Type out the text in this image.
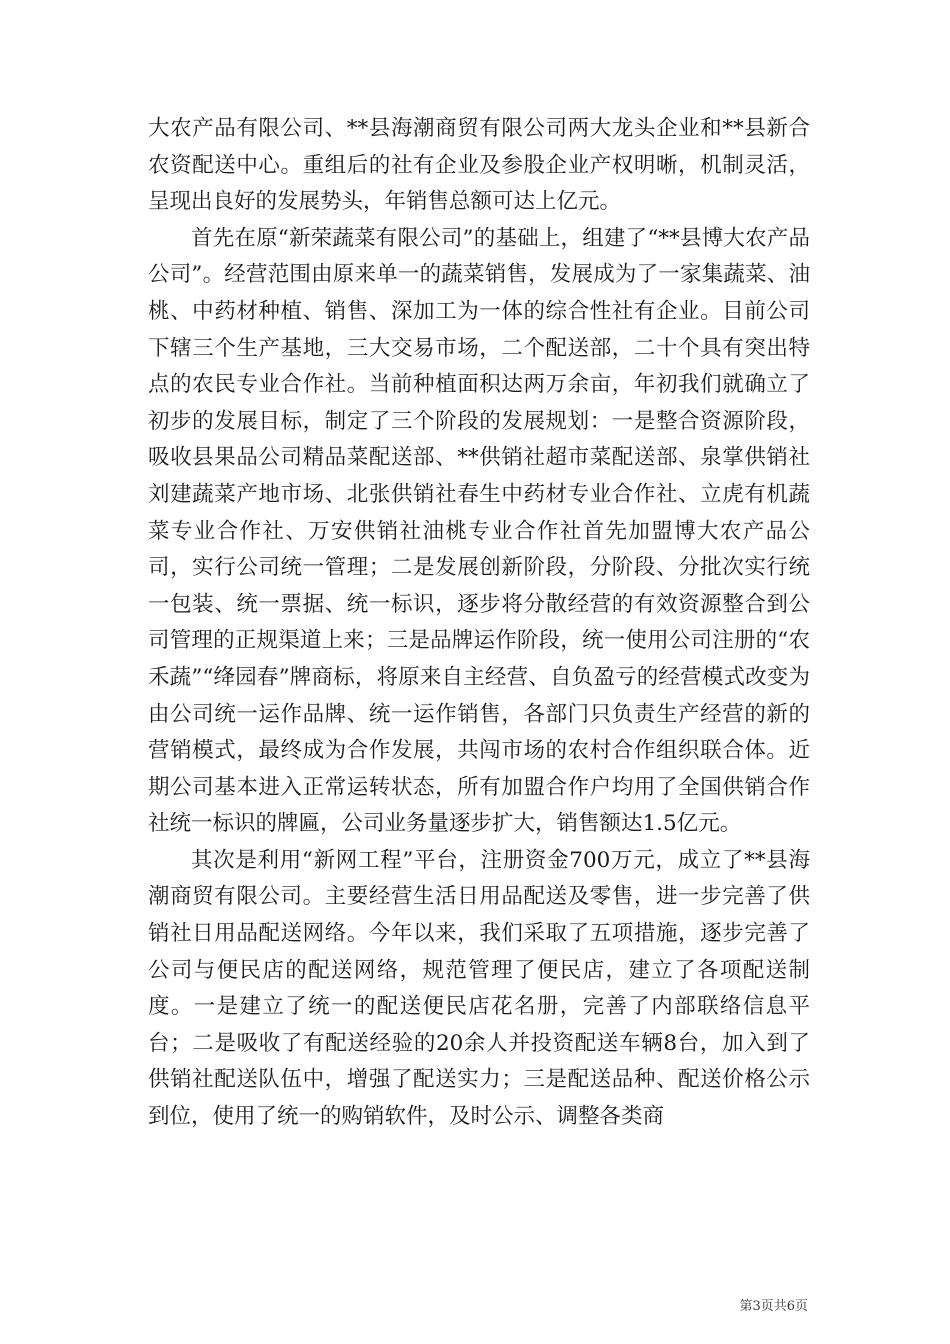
大农产品有限公司、**县海潮商贸有限公司两大龙头企业和**县新合农资配送中心。重组后的社有企业及参股企业产权明晰，机制灵活，呈现出良好的发展势头，年销售总额可达上亿元。

首先在原“新荣蔬菜有限公司”的基础上，组建了“**县博大农产品公司”。经营范围由原来单一的蔬菜销售，发展成为了一家集蔬菜、油桃、中药材种植、销售、深加工为一体的综合性社有企业。目前公司下辖三个生产基地，三大交易市场，二个配送部，二十个具有突出特点的农民专业合作社。当前种植面积达两万余亩，年初我们就确立了初步的发展目标，制定了三个阶段的发展规划：一是整合资源阶段，吸收县果品公司精品菜配送部、**供销社超市菜配送部、泉掌供销社刘建蔬菜产地市场、北张供销社春生中药材专业合作社、立虎有机蔬菜专业合作社、万安供销社油桃专业合作社首先加盟博大农产品公司，实行公司统一管理；二是发展创新阶段，分阶段、分批次实行统一包装、统一票据、统一标识，逐步将分散经营的有效资源整合到公司管理的正规渠道上来；三是品牌运作阶段，统一使用公司注册的“农禾蔬”“绛园春”牌商标，将原来自主经营、自负盈亏的经营模式改变为由公司统一运作品牌、统一运作销售，各部门只负责生产经营的新的营销模式，最终成为合作发展，共闯市场的农村合作组织联合体。近期公司基本进入正常运转状态，所有加盟合作户均用了全国供销合作社统一标识的牌匾，公司业务量逐步扩大，销售额达1.5亿元。

其次是利用“新网工程”平台，注册资金700万元，成立了**县海潮商贸有限公司。主要经营生活日用品配送及零售，进一步完善了供销社日用品配送网络。今年以来，我们采取了五项措施，逐步完善了公司与便民店的配送网络，规范管理了便民店，建立了各项配送制度。一是建立了统一的配送便民店花名册，完善了内部联络信息平台；二是吸收了有配送经验的20余人并投资配送车辆8台，加入到了供销社配送队伍中，增强了配送实力；三是配送品种、配送价格公示到位，使用了统一的购销软件，及时公示、调整各类商

第3页共6页
